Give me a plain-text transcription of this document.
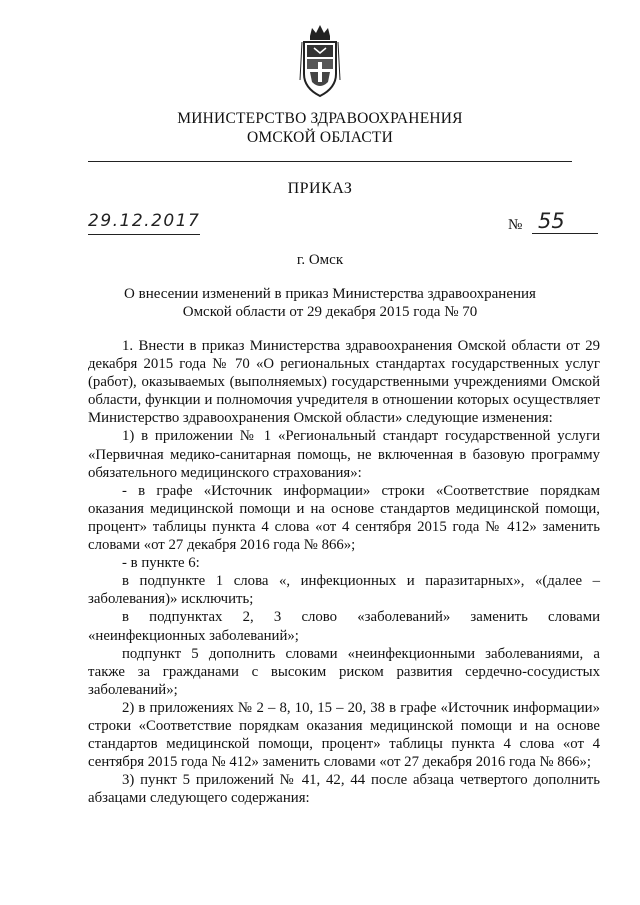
МИНИСТЕРСТВО ЗДРАВООХРАНЕНИЯ
ОМСКОЙ ОБЛАСТИ
ПРИКАЗ
29.12.2017	№ 55
г. Омск
О внесении изменений в приказ Министерства здравоохранения
Омской области от 29 декабря 2015 года № 70

1. Внести в приказ Министерства здравоохранения Омской области от 29 декабря 2015 года № 70 «О региональных стандартах государственных услуг (работ), оказываемых (выполняемых) государственными учреждениями Омской области, функции и полномочия учредителя в отношении которых осуществляет Министерство здравоохранения Омской области» следующие изменения:

1) в приложении № 1 «Региональный стандарт государственной услуги «Первичная медико-санитарная помощь, не включенная в базовую программу обязательного медицинского страхования»:

- в графе «Источник информации» строки «Соответствие порядкам оказания медицинской помощи и на основе стандартов медицинской помощи, процент» таблицы пункта 4 слова «от 4 сентября 2015 года № 412» заменить словами «от 27 декабря 2016 года № 866»;

- в пункте 6:

в подпункте 1 слова «, инфекционных и паразитарных», «(далее – заболевания)» исключить;

в подпунктах 2, 3 слово «заболеваний» заменить словами «неинфекционных заболеваний»;

подпункт 5 дополнить словами «неинфекционными заболеваниями, а также за гражданами с высоким риском развития сердечно-сосудистых заболеваний»;

2) в приложениях № 2 – 8, 10, 15 – 20, 38 в графе «Источник информации» строки «Соответствие порядкам оказания медицинской помощи и на основе стандартов медицинской помощи, процент» таблицы пункта 4 слова «от 4 сентября 2015 года № 412» заменить словами «от 27 декабря 2016 года № 866»;

3) пункт 5 приложений № 41, 42, 44 после абзаца четвертого дополнить абзацами следующего содержания:
